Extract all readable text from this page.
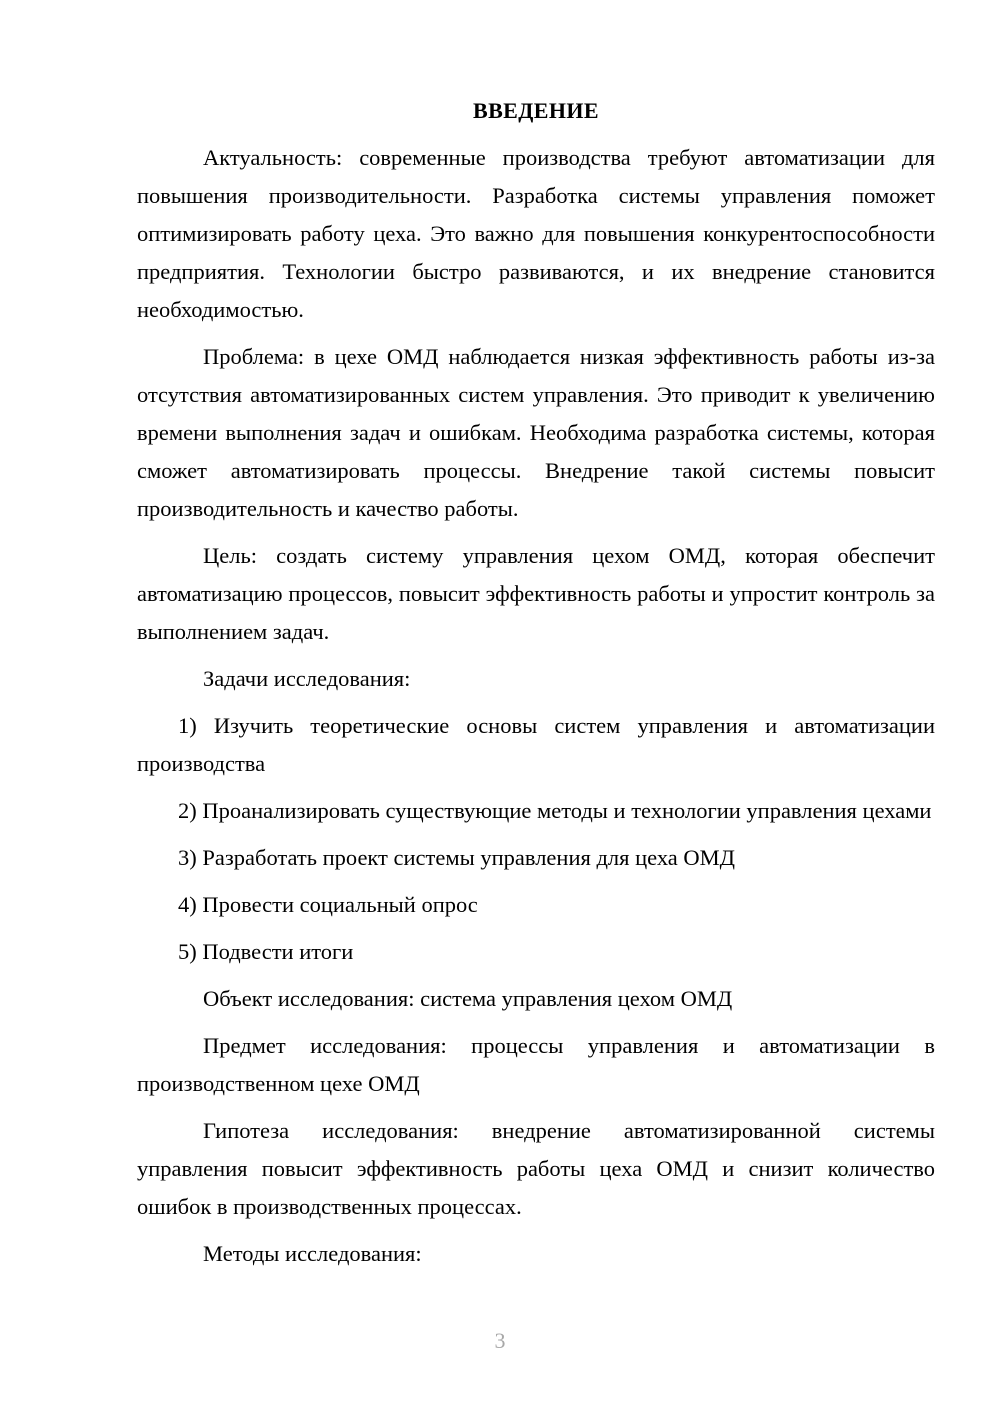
ВВЕДЕНИЕ

Актуальность: современные производства требуют автоматизации для повышения производительности. Разработка системы управления поможет оптимизировать работу цеха. Это важно для повышения конкурентоспособности предприятия. Технологии быстро развиваются, и их внедрение становится необходимостью.

Проблема: в цехе ОМД наблюдается низкая эффективность работы из-за отсутствия автоматизированных систем управления. Это приводит к увеличению времени выполнения задач и ошибкам. Необходима разработка системы, которая сможет автоматизировать процессы. Внедрение такой системы повысит производительность и качество работы.

Цель: создать систему управления цехом ОМД, которая обеспечит автоматизацию процессов, повысит эффективность работы и упростит контроль за выполнением задач.

Задачи исследования:

1) Изучить теоретические основы систем управления и автоматизации производства

2) Проанализировать существующие методы и технологии управления цехами

3) Разработать проект системы управления для цеха ОМД

4) Провести социальный опрос

5) Подвести итоги

Объект исследования: система управления цехом ОМД

Предмет исследования: процессы управления и автоматизации в производственном цехе ОМД

Гипотеза исследования: внедрение автоматизированной системы управления повысит эффективность работы цеха ОМД и снизит количество ошибок в производственных процессах.

Методы исследования:

3
